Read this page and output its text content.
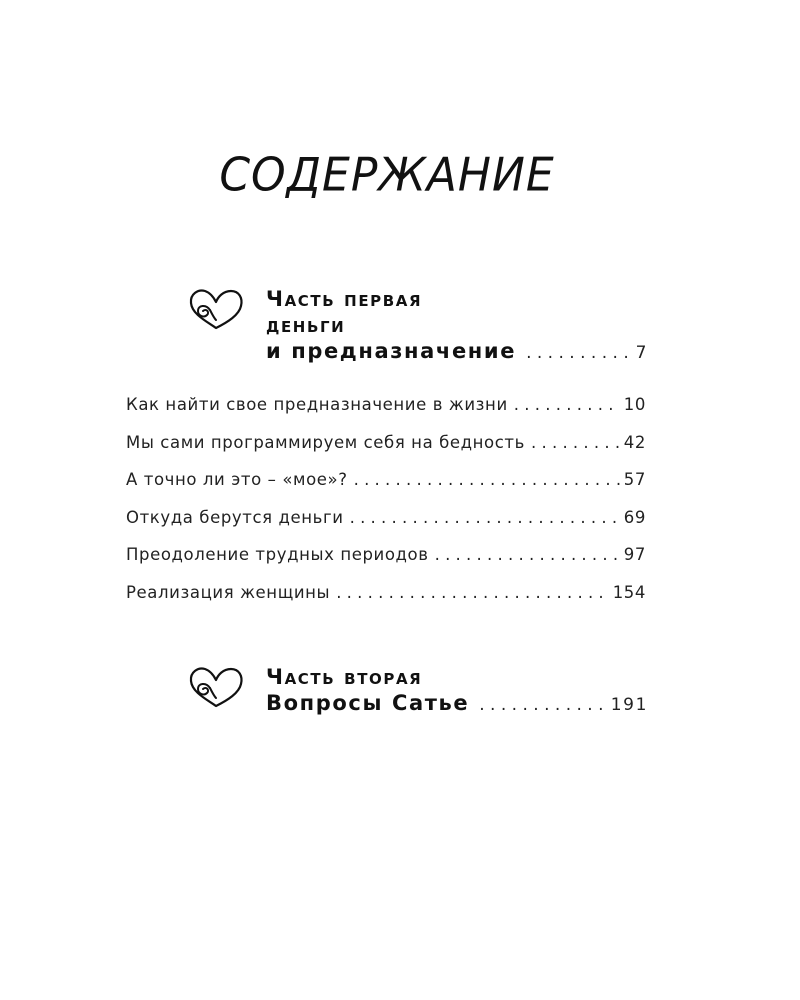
СОДЕРЖАНИЕ
Часть первая
деньги
и предназначение . . .	7
Как найти свое предназначение в жизни . . .	10
Мы сами программируем себя на бедность . . .	42
А точно ли это – «мое»? . . .	57
Откуда берутся деньги . . .	69
Преодоление трудных периодов . . .	97
Реализация женщины . . .	154
Часть вторая
Вопросы Сатье . . .	191
